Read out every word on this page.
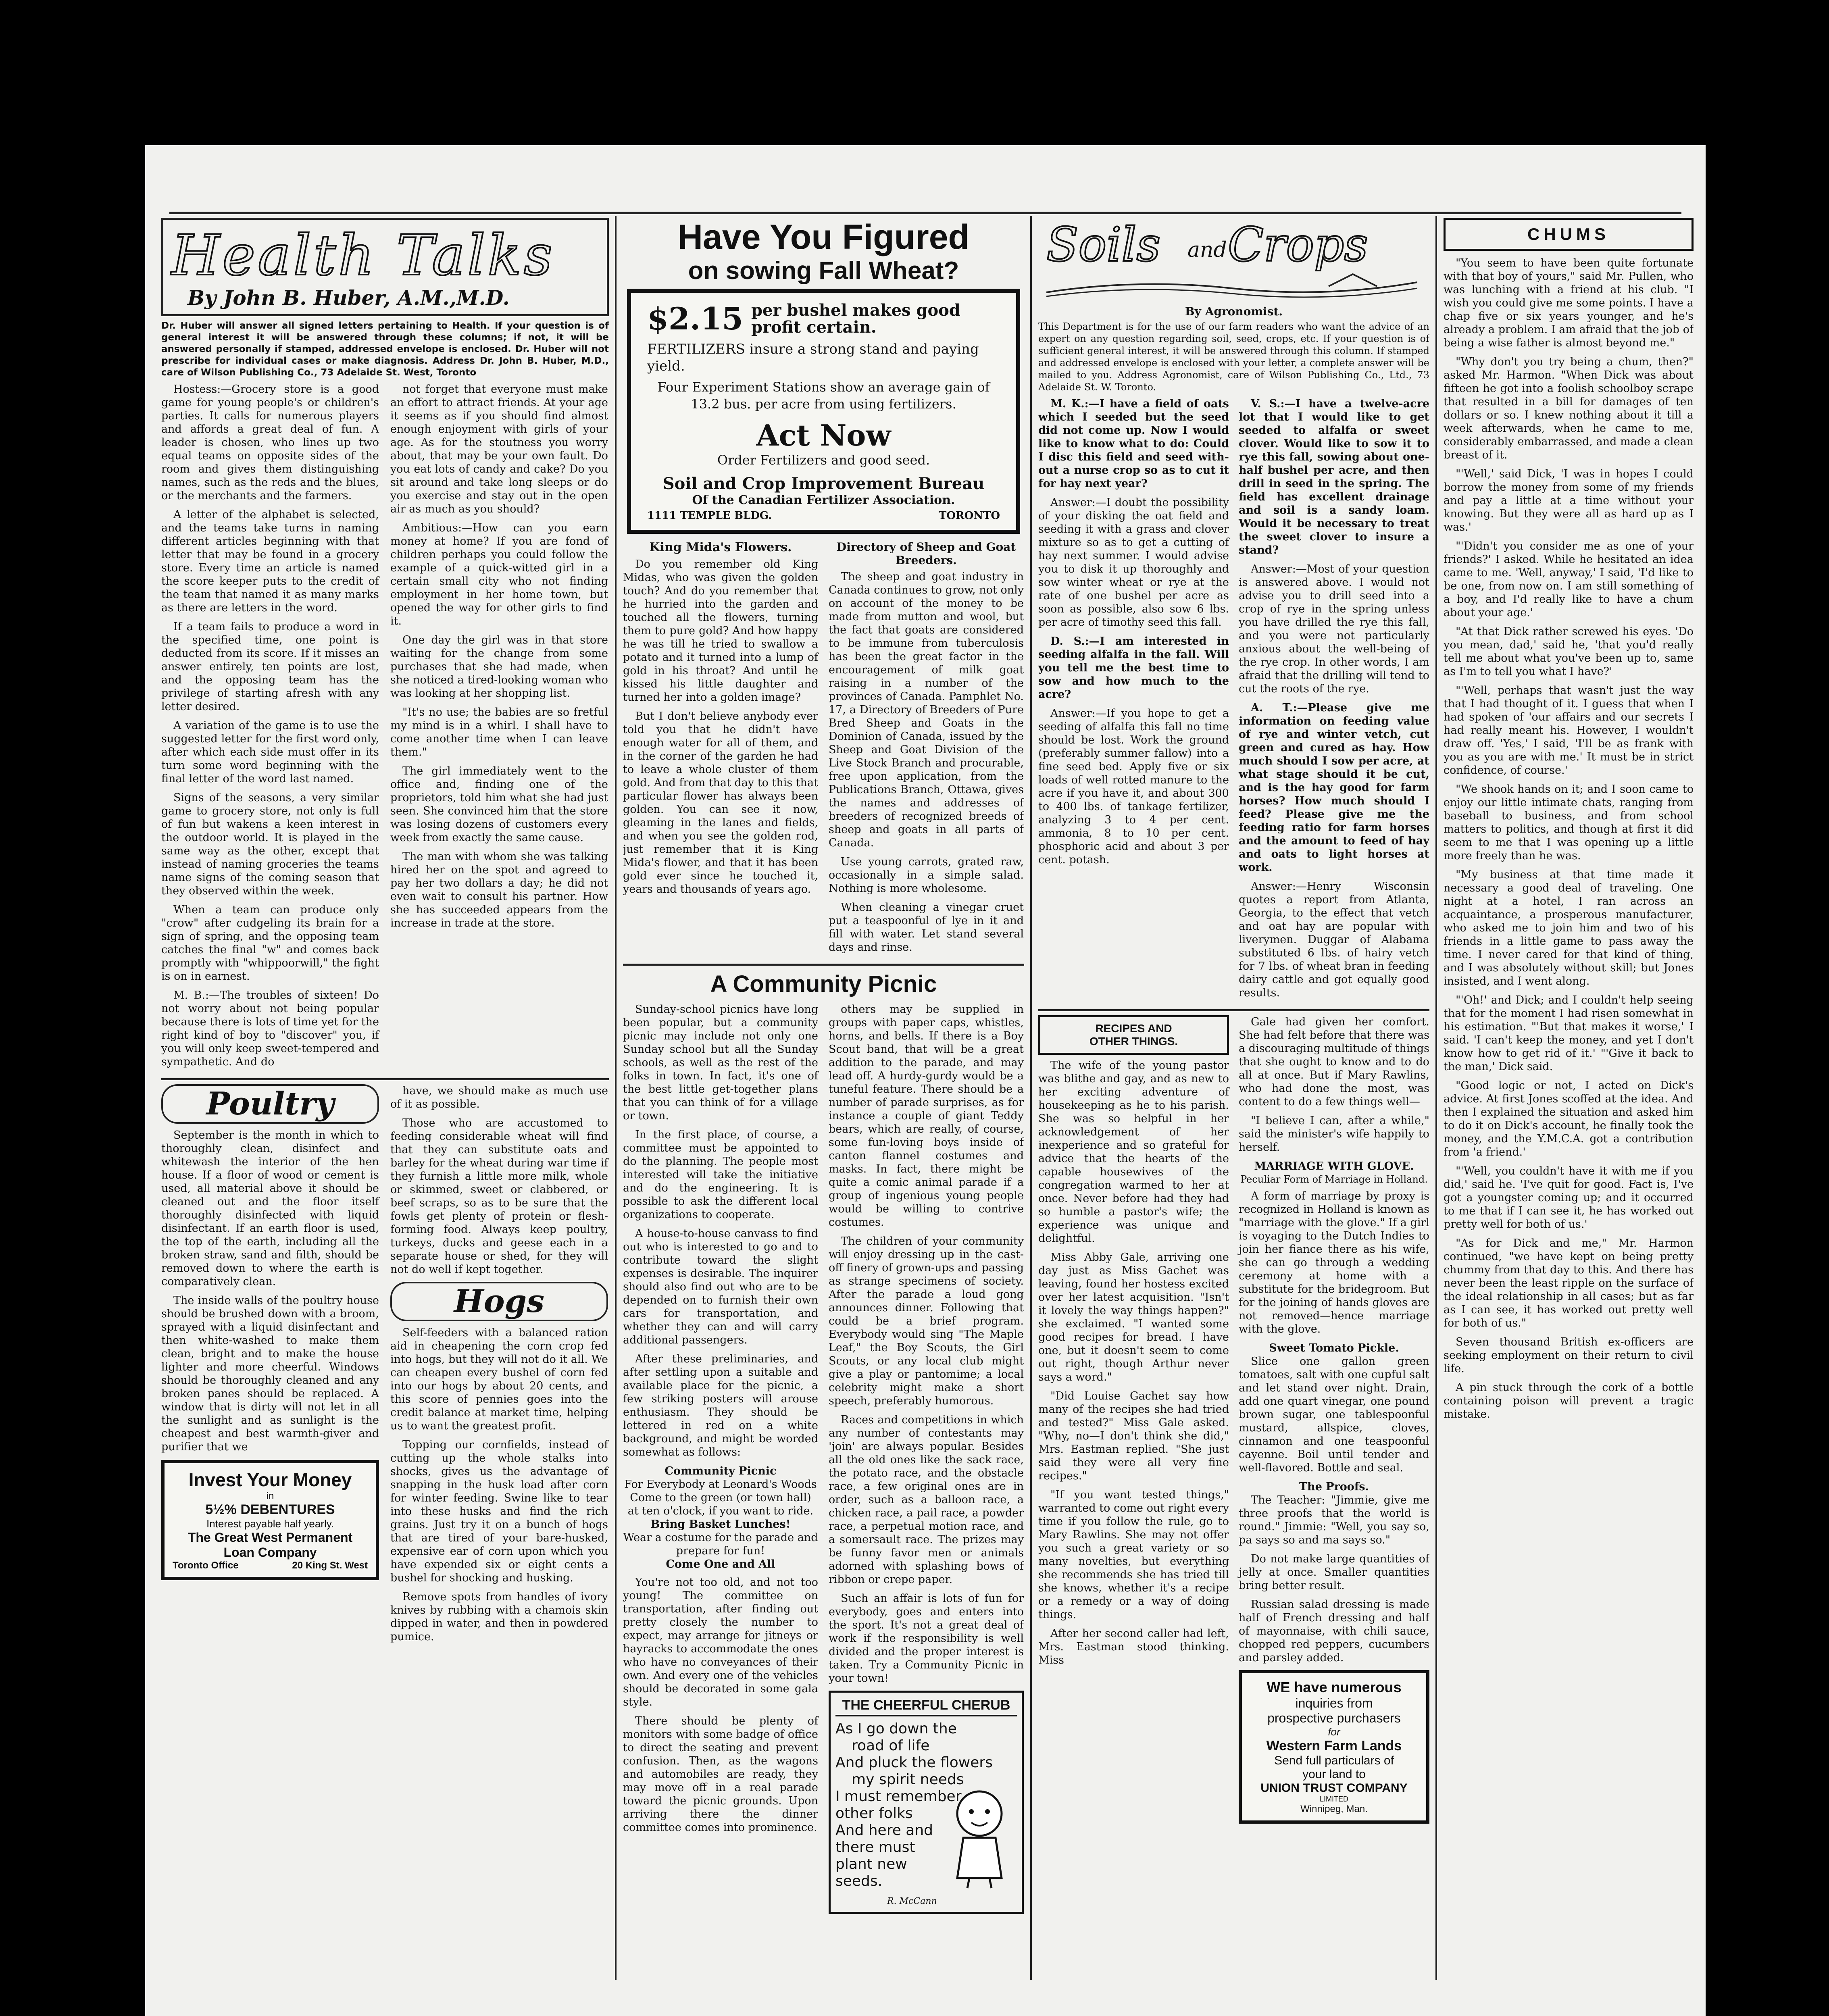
Health Talks
By John B. Huber, A.M.,M.D.
Dr. Huber will answer all signed letters pertaining to Health. If your question is of general interest it will be answered through these columns; if not, it will be answered personally if stamped, addressed envelope is enclosed. Dr. Huber will not prescribe for individual cases or make diagnosis. Address Dr. John B. Huber, M.D., care of Wilson Publishing Co., 73 Adelaide St. West, Toronto

Hostess:—Grocery store is a good game for young people's or children's parties. It calls for numerous players and affords a great deal of fun. A leader is chosen, who lines up two equal teams on opposite sides of the room and gives them distinguishing names, such as the reds and the blues, or the merchants and the farmers.

A letter of the alphabet is selected, and the teams take turns in naming different articles beginning with that letter that may be found in a grocery store. Every time an article is named the score keeper puts to the credit of the team that named it as many marks as there are letters in the word.

If a team fails to produce a word in the specified time, one point is deducted from its score. If it misses an answer entirely, ten points are lost, and the opposing team has the privilege of starting afresh with any letter desired.

A variation of the game is to use the suggested letter for the first word only, after which each side must offer in its turn some word beginning with the final letter of the word last named.

Signs of the seasons, a very similar game to grocery store, not only is full of fun but wakens a keen interest in the outdoor world. It is played in the same way as the other, except that instead of naming groceries the teams name signs of the coming season that they observed within the week.

When a team can produce only "crow" after cudgeling its brain for a sign of spring, and the opposing team catches the final "w" and comes back promptly with "whippoorwill," the fight is on in earnest.

M. B.:—The troubles of sixteen! Do not worry about not being popular because there is lots of time yet for the right kind of boy to "discover" you, if you will only keep sweet-tempered and sympathetic. And do

not forget that everyone must make an effort to attract friends. At your age it seems as if you should find almost enough enjoyment with girls of your age. As for the stoutness you worry about, that may be your own fault. Do you eat lots of candy and cake? Do you sit around and take long sleeps or do you exercise and stay out in the open air as much as you should?

Ambitious:—How can you earn money at home? If you are fond of children perhaps you could follow the example of a quick-witted girl in a certain small city who not finding employment in her home town, but opened the way for other girls to find it.

One day the girl was in that store waiting for the change from some purchases that she had made, when she noticed a tired-looking woman who was looking at her shopping list.

"It's no use; the babies are so fretful my mind is in a whirl. I shall have to come another time when I can leave them."

The girl immediately went to the office and, finding one of the proprietors, told him what she had just seen. She convinced him that the store was losing dozens of customers every week from exactly the same cause.

The man with whom she was talking hired her on the spot and agreed to pay her two dollars a day; he did not even wait to consult his partner. How she has succeeded appears from the increase in trade at the store.

Poultry

September is the month in which to thoroughly clean, disinfect and whitewash the interior of the hen house. If a floor of wood or cement is used, all material above it should be cleaned out and the floor itself thoroughly disinfected with liquid disinfectant. If an earth floor is used, the top of the earth, including all the broken straw, sand and filth, should be removed down to where the earth is comparatively clean.

The inside walls of the poultry house should be brushed down with a broom, sprayed with a liquid disinfectant and then white-washed to make them clean, bright and to make the house lighter and more cheerful. Windows should be thoroughly cleaned and any broken panes should be replaced. A window that is dirty will not let in all the sunlight and as sunlight is the cheapest and best warmth-giver and purifier that we

Invest Your Money
in
5½% DEBENTURES
Interest payable half yearly.
The Great West Permanent
Loan Company
Toronto Office	20 King St. West

have, we should make as much use of it as possible.

Those who are accustomed to feeding considerable wheat will find that they can substitute oats and barley for the wheat during war time if they furnish a little more milk, whole or skimmed, sweet or clabbered, or beef scraps, so as to be sure that the fowls get plenty of protein or flesh-forming food. Always keep poultry, turkeys, ducks and geese each in a separate house or shed, for they will not do well if kept together.

Hogs

Self-feeders with a balanced ration aid in cheapening the corn crop fed into hogs, but they will not do it all. We can cheapen every bushel of corn fed into our hogs by about 20 cents, and this score of pennies goes into the credit balance at market time, helping us to want the greatest profit.

Topping our cornfields, instead of cutting up the whole stalks into shocks, gives us the advantage of snapping in the husk load after corn for winter feeding. Swine like to tear into these husks and find the rich grains. Just try it on a bunch of hogs that are tired of your bare-husked, expensive ear of corn upon which you have expended six or eight cents a bushel for shocking and husking.

Remove spots from handles of ivory knives by rubbing with a chamois skin dipped in water, and then in powdered pumice.

Have You Figured
on sowing Fall Wheat?
$2.15 per bushel makes good profit certain.
FERTILIZERS insure a strong stand and paying yield.
Four Experiment Stations show an average gain of 13.2 bus. per acre from using fertilizers.
Act Now
Order Fertilizers and good seed.
Soil and Crop Improvement Bureau
Of the Canadian Fertilizer Association.
1111 TEMPLE BLDG.	TORONTO
King Mida's Flowers.

Do you remember old King Midas, who was given the golden touch? And do you remember that he hurried into the garden and touched all the flowers, turning them to pure gold? And how happy he was till he tried to swallow a potato and it turned into a lump of gold in his throat? And until he kissed his little daughter and turned her into a golden image?

But I don't believe anybody ever told you that he didn't have enough water for all of them, and in the corner of the garden he had to leave a whole cluster of them gold. And from that day to this that particular flower has always been golden. You can see it now, gleaming in the lanes and fields, and when you see the golden rod, just remember that it is King Mida's flower, and that it has been gold ever since he touched it, years and thousands of years ago.

Directory of Sheep and Goat Breeders.

The sheep and goat industry in Canada continues to grow, not only on account of the money to be made from mutton and wool, but the fact that goats are considered to be immune from tuberculosis has been the great factor in the encouragement of milk goat raising in a number of the provinces of Canada. Pamphlet No. 17, a Directory of Breeders of Pure Bred Sheep and Goats in the Dominion of Canada, issued by the Sheep and Goat Division of the Live Stock Branch and procurable, free upon application, from the Publications Branch, Ottawa, gives the names and addresses of breeders of recognized breeds of sheep and goats in all parts of Canada.

Use young carrots, grated raw, occasionally in a simple salad. Nothing is more wholesome.

When cleaning a vinegar cruet put a teaspoonful of lye in it and fill with water. Let stand several days and rinse.

A Community Picnic

Sunday-school picnics have long been popular, but a community picnic may include not only one Sunday school but all the Sunday schools, as well as the rest of the folks in town. In fact, it's one of the best little get-together plans that you can think of for a village or town.

In the first place, of course, a committee must be appointed to do the planning. The people most interested will take the initiative and do the engineering. It is possible to ask the different local organizations to cooperate.

A house-to-house canvass to find out who is interested to go and to contribute toward the slight expenses is desirable. The inquirer should also find out who are to be depended on to furnish their own cars for transportation, and whether they can and will carry additional passengers.

After these preliminaries, and after settling upon a suitable and available place for the picnic, a few striking posters will arouse enthusiasm. They should be lettered in red on a white background, and might be worded somewhat as follows:

Community Picnic
For Everybody at Leonard's Woods
Come to the green (or town hall) at ten o'clock, if you want to ride.
Bring Basket Lunches!
Wear a costume for the parade and prepare for fun!
Come One and All

You're not too old, and not too young! The committee on transportation, after finding out pretty closely the number to expect, may arrange for jitneys or hayracks to accommodate the ones who have no conveyances of their own. And every one of the vehicles should be decorated in some gala style.

There should be plenty of monitors with some badge of office to direct the seating and prevent confusion. Then, as the wagons and automobiles are ready, they may move off in a real parade toward the picnic grounds. Upon arriving there the dinner committee comes into prominence.

others may be supplied in groups with paper caps, whistles, horns, and bells. If there is a Boy Scout band, that will be a great addition to the parade, and may lead off. A hurdy-gurdy would be a tuneful feature. There should be a number of parade surprises, as for instance a couple of giant Teddy bears, which are really, of course, some fun-loving boys inside of canton flannel costumes and masks. In fact, there might be quite a comic animal parade if a group of ingenious young people would be willing to contrive costumes.

The children of your community will enjoy dressing up in the cast-off finery of grown-ups and passing as strange specimens of society. After the parade a loud gong announces dinner. Following that could be a brief program. Everybody would sing "The Maple Leaf," the Boy Scouts, the Girl Scouts, or any local club might give a play or pantomime; a local celebrity might make a short speech, preferably humorous.

Races and competitions in which any number of contestants may 'join' are always popular. Besides all the old ones like the sack race, the potato race, and the obstacle race, a few original ones are in order, such as a balloon race, a chicken race, a pail race, a powder race, a perpetual motion race, and a somersault race. The prizes may be funny favor men or animals adorned with splashing bows of ribbon or crepe paper.

Such an affair is lots of fun for everybody, goes and enters into the sport. It's not a great deal of work if the responsibility is well divided and the proper interest is taken. Try a Community Picnic in your town!

THE CHEERFUL CHERUB
As I go down the
road of life
And pluck the flowers
my spirit needs
I must remember
other folks
And here and
there must
plant new
seeds.
R. McCann
Soils and Crops
By Agronomist.
This Department is for the use of our farm readers who want the advice of an expert on any question regarding soil, seed, crops, etc. If your question is of sufficient general interest, it will be answered through this column. If stamped and addressed envelope is enclosed with your letter, a complete answer will be mailed to you. Address Agronomist, care of Wilson Publishing Co., Ltd., 73 Adelaide St. W. Toronto.

M. K.:—I have a field of oats which I seeded but the seed did not come up. Now I would like to know what to do: Could I disc this field and seed with-out a nurse crop so as to cut it for hay next year?

Answer:—I doubt the possibility of your disking the oat field and seeding it with a grass and clover mixture so as to get a cutting of hay next summer. I would advise you to disk it up thoroughly and sow winter wheat or rye at the rate of one bushel per acre as soon as possible, also sow 6 lbs. per acre of timothy seed this fall.

D. S.:—I am interested in seeding alfalfa in the fall. Will you tell me the best time to sow and how much to the acre?

Answer:—If you hope to get a seeding of alfalfa this fall no time should be lost. Work the ground (preferably summer fallow) into a fine seed bed. Apply five or six loads of well rotted manure to the acre if you have it, and about 300 to 400 lbs. of tankage fertilizer, analyzing 3 to 4 per cent. ammonia, 8 to 10 per cent. phosphoric acid and about 3 per cent. potash.

V. S.:—I have a twelve-acre lot that I would like to get seeded to alfalfa or sweet clover. Would like to sow it to rye this fall, sowing about one-half bushel per acre, and then drill in seed in the spring. The field has excellent drainage and soil is a sandy loam. Would it be necessary to treat the sweet clover to insure a stand?

Answer:—Most of your question is answered above. I would not advise you to drill seed into a crop of rye in the spring unless you have drilled the rye this fall, and you were not particularly anxious about the well-being of the rye crop. In other words, I am afraid that the drilling will tend to cut the roots of the rye.

A. T.:—Please give me information on feeding value of rye and winter vetch, cut green and cured as hay. How much should I sow per acre, at what stage should it be cut, and is the hay good for farm horses? How much should I feed? Please give me the feeding ratio for farm horses and the amount to feed of hay and oats to light horses at work.

Answer:—Henry Wisconsin quotes a report from Atlanta, Georgia, to the effect that vetch and oat hay are popular with liverymen. Duggar of Alabama substituted 6 lbs. of hairy vetch for 7 lbs. of wheat bran in feeding dairy cattle and got equally good results.

RECIPES AND
OTHER THINGS.

The wife of the young pastor was blithe and gay, and as new to her exciting adventure of housekeeping as he to his parish. She was so helpful in her acknowledgement of her inexperience and so grateful for advice that the hearts of the capable housewives of the congregation warmed to her at once. Never before had they had so humble a pastor's wife; the experience was unique and delightful.

Miss Abby Gale, arriving one day just as Miss Gachet was leaving, found her hostess excited over her latest acquisition. "Isn't it lovely the way things happen?" she exclaimed. "I wanted some good recipes for bread. I have one, but it doesn't seem to come out right, though Arthur never says a word."

"Did Louise Gachet say how many of the recipes she had tried and tested?" Miss Gale asked. "Why, no—I don't think she did," Mrs. Eastman replied. "She just said they were all very fine recipes."

"If you want tested things," warranted to come out right every time if you follow the rule, go to Mary Rawlins. She may not offer you such a great variety or so many novelties, but everything she recommends she has tried till she knows, whether it's a recipe or a remedy or a way of doing things.

After her second caller had left, Mrs. Eastman stood thinking. Miss

Gale had given her comfort. She had felt before that there was a discouraging multitude of things that she ought to know and to do all at once. But if Mary Rawlins, who had done the most, was content to do a few things well—

"I believe I can, after a while," said the minister's wife happily to herself.

MARRIAGE WITH GLOVE.
Peculiar Form of Marriage in Holland.

A form of marriage by proxy is recognized in Holland is known as "marriage with the glove." If a girl is voyaging to the Dutch Indies to join her fiance there as his wife, she can go through a wedding ceremony at home with a substitute for the bridegroom. But for the joining of hands gloves are not removed—hence marriage with the glove.

Sweet Tomato Pickle.

Slice one gallon green tomatoes, salt with one cupful salt and let stand over night. Drain, add one quart vinegar, one pound brown sugar, one tablespoonful mustard, allspice, cloves, cinnamon and one teaspoonful cayenne. Boil until tender and well-flavored. Bottle and seal.

The Proofs.

The Teacher: "Jimmie, give me three proofs that the world is round." Jimmie: "Well, you say so, pa says so and ma says so."

Do not make large quantities of jelly at once. Smaller quantities bring better result.

Russian salad dressing is made half of French dressing and half of mayonnaise, with chili sauce, chopped red peppers, cucumbers and parsley added.

WE have numerous
inquiries from
prospective purchasers
for
Western Farm Lands
Send full particulars of
your land to
UNION TRUST COMPANY
LIMITED
Winnipeg, Man.
CHUMS

"You seem to have been quite fortunate with that boy of yours," said Mr. Pullen, who was lunching with a friend at his club. "I wish you could give me some points. I have a chap five or six years younger, and he's already a problem. I am afraid that the job of being a wise father is almost beyond me."

"Why don't you try being a chum, then?" asked Mr. Harmon. "When Dick was about fifteen he got into a foolish schoolboy scrape that resulted in a bill for damages of ten dollars or so. I knew nothing about it till a week afterwards, when he came to me, considerably embarrassed, and made a clean breast of it.

"'Well,' said Dick, 'I was in hopes I could borrow the money from some of my friends and pay a little at a time without your knowing. But they were all as hard up as I was.'

"'Didn't you consider me as one of your friends?' I asked. While he hesitated an idea came to me. 'Well, anyway,' I said, 'I'd like to be one, from now on. I am still something of a boy, and I'd really like to have a chum about your age.'

"At that Dick rather screwed his eyes. 'Do you mean, dad,' said he, 'that you'd really tell me about what you've been up to, same as I'm to tell you what I have?'

"'Well, perhaps that wasn't just the way that I had thought of it. I guess that when I had spoken of 'our affairs and our secrets I had really meant his. However, I wouldn't draw off. 'Yes,' I said, 'I'll be as frank with you as you are with me.' It must be in strict confidence, of course.'

"We shook hands on it; and I soon came to enjoy our little intimate chats, ranging from baseball to business, and from school matters to politics, and though at first it did seem to me that I was opening up a little more freely than he was.

"My business at that time made it necessary a good deal of traveling. One night at a hotel, I ran across an acquaintance, a prosperous manufacturer, who asked me to join him and two of his friends in a little game to pass away the time. I never cared for that kind of thing, and I was absolutely without skill; but Jones insisted, and I went along.

"'Oh!' and Dick; and I couldn't help seeing that for the moment I had risen somewhat in his estimation. "'But that makes it worse,' I said. 'I can't keep the money, and yet I don't know how to get rid of it.' "'Give it back to the man,' Dick said.

"Good logic or not, I acted on Dick's advice. At first Jones scoffed at the idea. And then I explained the situation and asked him to do it on Dick's account, he finally took the money, and the Y.M.C.A. got a contribution from 'a friend.'

"'Well, you couldn't have it with me if you did,' said he. 'I've quit for good. Fact is, I've got a youngster coming up; and it occurred to me that if I can see it, he has worked out pretty well for both of us.'

"As for Dick and me," Mr. Harmon continued, "we have kept on being pretty chummy from that day to this. And there has never been the least ripple on the surface of the ideal relationship in all cases; but as far as I can see, it has worked out pretty well for both of us."

Seven thousand British ex-officers are seeking employment on their return to civil life.

A pin stuck through the cork of a bottle containing poison will prevent a tragic mistake.
